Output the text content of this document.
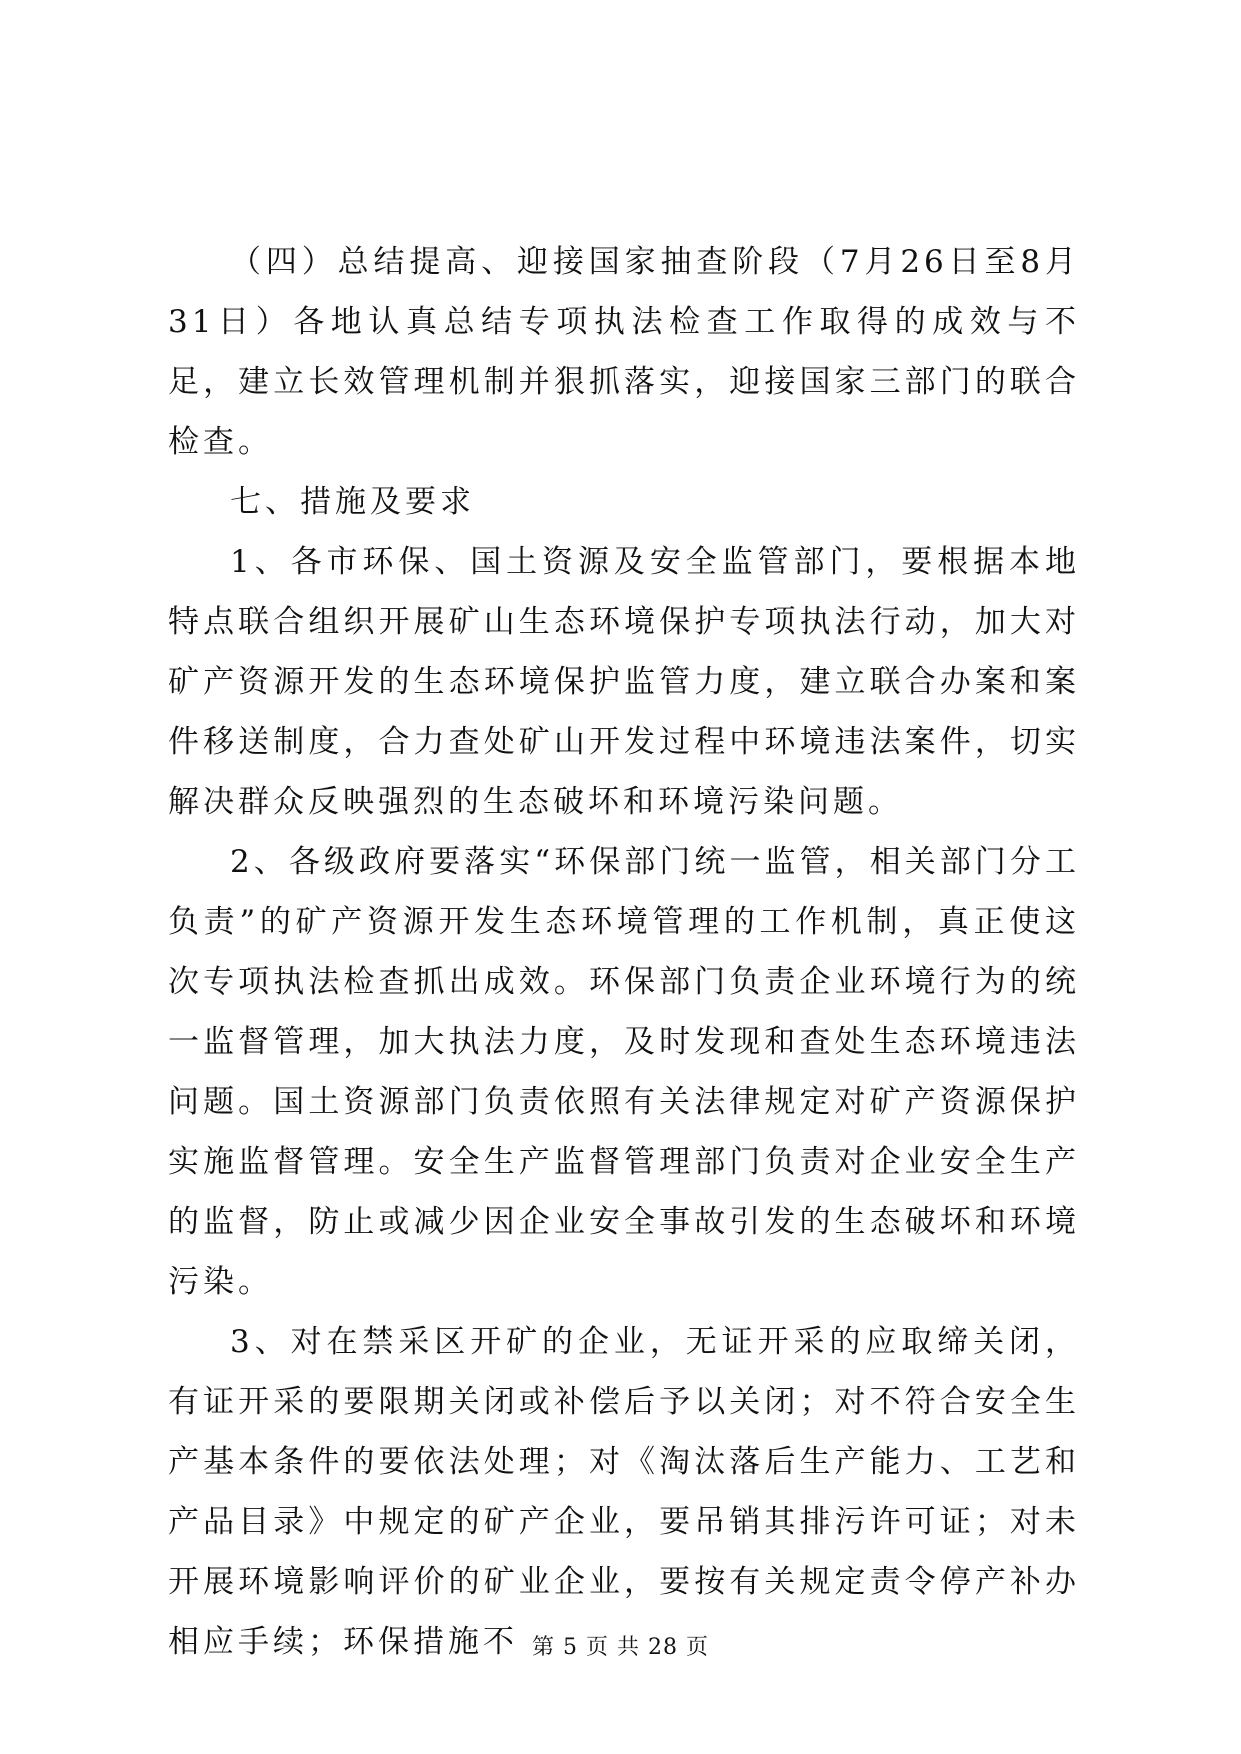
（四）总结提高、迎接国家抽查阶段（7月26日至8月31日）各地认真总结专项执法检查工作取得的成效与不足，建立长效管理机制并狠抓落实，迎接国家三部门的联合检查。

七、措施及要求

1、各市环保、国土资源及安全监管部门，要根据本地特点联合组织开展矿山生态环境保护专项执法行动，加大对矿产资源开发的生态环境保护监管力度，建立联合办案和案件移送制度，合力查处矿山开发过程中环境违法案件，切实解决群众反映强烈的生态破坏和环境污染问题。

2、各级政府要落实“环保部门统一监管，相关部门分工负责”的矿产资源开发生态环境管理的工作机制，真正使这次专项执法检查抓出成效。环保部门负责企业环境行为的统一监督管理，加大执法力度，及时发现和查处生态环境违法问题。国土资源部门负责依照有关法律规定对矿产资源保护实施监督管理。安全生产监督管理部门负责对企业安全生产的监督，防止或减少因企业安全事故引发的生态破坏和环境污染。

3、对在禁采区开矿的企业，无证开采的应取缔关闭，有证开采的要限期关闭或补偿后予以关闭；对不符合安全生产基本条件的要依法处理；对《淘汰落后生产能力、工艺和产品目录》中规定的矿产企业，要吊销其排污许可证；对未开展环境影响评价的矿业企业，要按有关规定责令停产补办相应手续；环保措施不 第 5 页 共 28 页
